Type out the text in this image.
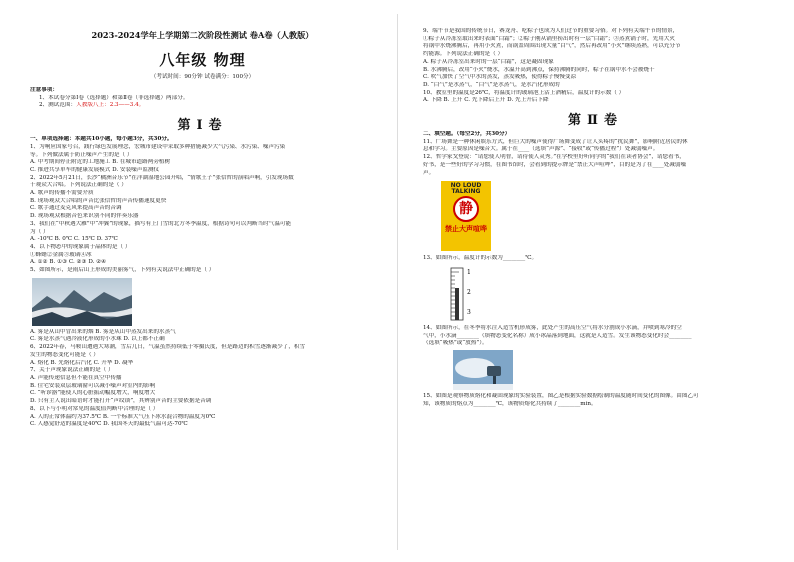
2023-2024学年上学期第二次阶段性测试 卷A卷（人教版）
八年级 物理
（考试时间：90分钟 试卷满分：100分）
注意事项：
1、本试卷分第Ⅰ卷（选择题）和第Ⅱ卷（非选择题）两部分。
2、测试范围：人教版八上：2.3——3.4。
第Ⅰ卷
一、单项选择题：本题共10小题，每小题3分，共30分。
1、为响应国家号召，践行绿色发展理念，宏城市建设中采取多种措施减少大气污染、水污染、噪声污染
等。下列做法属于防止噪声产生的是（ ）
A. 中考期间停止附近的工地施工 B. 在城市道路两旁植树
C. 推进共享单车的健康发展模式 D. 安装噪声监测仪
2、2022年5月21日，长沙“橘洲音乐节”在洋湖湿地公园开唱，“情歌王子”张信哲的演唱声响，引发现场数
千观众大合唱。下列说法正确的是（ ）
A. 歌声的传播不需要介质
B. 现场观众大合唱的声音比张信哲的声音传播速度更快
C. 歌手通过麦克风来提高声音的音调
D. 现场观众根据音色来识别不同的伴奏乐器
3、我们在“中秋遇大雁”中“冲翼”的现象，描写有上门雪的北方冬季温度，根据诗句可以判断当时气温可能
为（ ）
A. -10℃ B. 0℃ C. 15℃ D. 37℃
4、以下物态中的现象属于晶体的是（ ）
①蜂蜡②金属③玻璃④冰
A. ①② B. ①③ C. ②③ D. ②④
5、如图所示，是雨后山上形成的美丽雾气，下列有关说法中正确的是（ ）
A. 雾是从山中冒出来的烟 B. 雾是从山中蒸发出来的水蒸气
C. 雾是水蒸气遇冷液化形成的小水珠 D. 以上都不正确
6、2022年春，马鞍山遭遇大寒潮，雪后几日，气温虽然持续低于零摄氏度，但是路边的积雪逐渐减少了，积雪
发生的物态变化可能是（ ）
A. 熔化 B. 先熔化后汽化 C. 升华 D. 凝华
7、关于声现象说法正确的是（ ）
A. 声能传递信息但不能在真空中传播
B. 住宅安装双层玻璃窗可以减小噪声对室内的影响
C. “听诊器”能使人的心脏振动幅度增大，响度增大
D. 只有主人说出暗语时才能打开“声纹锁”，其辨别声音的主要依据是音调
8、以下与小明对常见的温度值判断中合理的是（ ）
A. 人的正常体温约为37.5℃ B. 一个标准大气压下冰水混合物的温度为0℃
C. 人感觉舒适的温度是40℃ D. 我国冬天的最低气温可达-70℃
9、端午节是我国的传统节日，赛龙舟、吃粽子也成为人们过节的重要习俗。对下列有关端午节的情景，
①粽子从冷冻室取出来时表面“白霜”；②粽子刚从锅里捞出时有一层“白霜”；③蒸煮锅子时，先用大火
将锅中水烧沸腾后，再用小火煮，而锅盖周围出现大量“白气”，然后再改用“小火”继续蒸熟，可以充分节
约能源。下列说法正确的是（ ）
A. 粽子从冷冻室出来时的一层“白霜”，这是凝固现象
B. 水沸腾后，改用“小火”烧水，水温升高到沸点，保持沸腾的同时，粽子在锅中水不会被烧干
C. 吹气加快了空气中水的蒸发，蒸发吸热，使得粽子慢慢变凉
D. “白气”是水蒸气，“白气”是水蒸气，是水汽化形成的
10、教室里的温度是26℃，将温度计的玻璃泡上沾上酒精后，温度计的示数（ ）
A. 下降 B. 上升 C. 先下降后上升 D. 先上升后下降
第Ⅱ卷
二、填空题。（每空2分，共30分）
11、广场舞是一种休闲娱乐方式，但巨大的噪声使得广场舞变成了让人头疼的“扰民舞”，影响附近居民的休
息和学习。主要原因是噪音大。属于在____（选填“声源”、“接收”或“传播过程”）处减弱噪声。
12、哲学家戈登说：“请您使人明智，请待使人灵秀。”在学校里好听同学的“我们在读者协会”，请您看书，
好书，是一些好的学习习惯，在图书馆时，会看到的提示牌是“禁止大声喧哗”，目的是为了在____处减弱噪
声。
NO LOUD TALKING
静
禁止大声喧哗
13、如图所示，温度计的示数为________℃。
1
2
3
14、如图所示，在冬季将水注入造雪机形成雾，此处产生的高压空气将水分割成小水滴，并喷到寒冷的空
气中，小水滴________（填物态变化名称）成小冰晶落到地面，这就是人造雪。发生该物态变化时会________
（选填“吸热”或“放热”）。
15、如图是观察物质熔化和凝固现象的实验装置，图乙是根据实验数据绘制的温度随时间变化的图像。由图乙可
知，该物质的熔点为________℃，该物质熔化共持续了________min。
